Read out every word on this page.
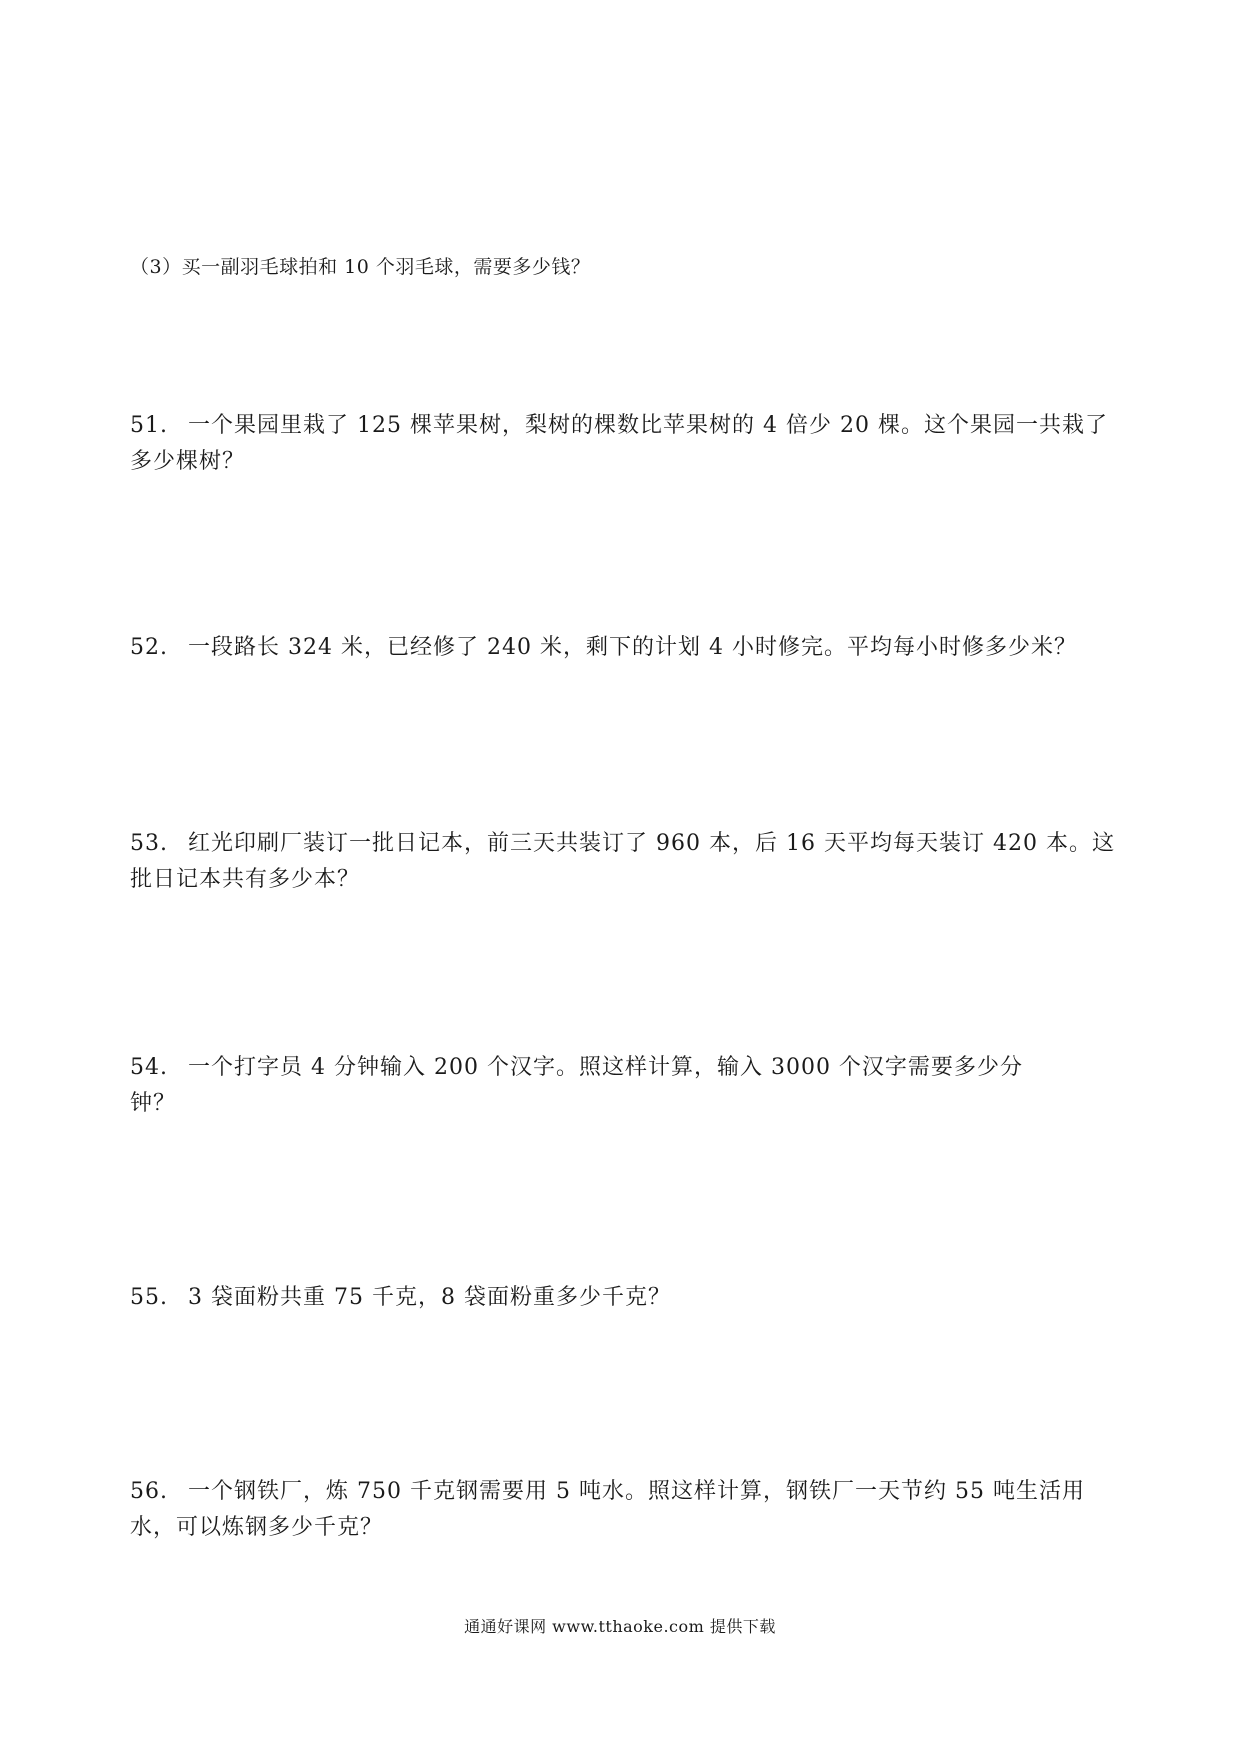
（3）买一副羽毛球拍和 10 个羽毛球，需要多少钱？
51. 一个果园里栽了 125 棵苹果树，梨树的棵数比苹果树的 4 倍少 20 棵。这个果园一共栽了多少棵树？
52. 一段路长 324 米，已经修了 240 米，剩下的计划 4 小时修完。平均每小时修多少米？
53. 红光印刷厂装订一批日记本，前三天共装订了 960 本，后 16 天平均每天装订 420 本。这批日记本共有多少本？
54. 一个打字员 4 分钟输入 200 个汉字。照这样计算，输入 3000 个汉字需要多少分钟？
55. 3 袋面粉共重 75 千克，8 袋面粉重多少千克？
56. 一个钢铁厂，炼 750 千克钢需要用 5 吨水。照这样计算，钢铁厂一天节约 55 吨生活用水，可以炼钢多少千克？
通通好课网 www.tthaoke.com 提供下载
